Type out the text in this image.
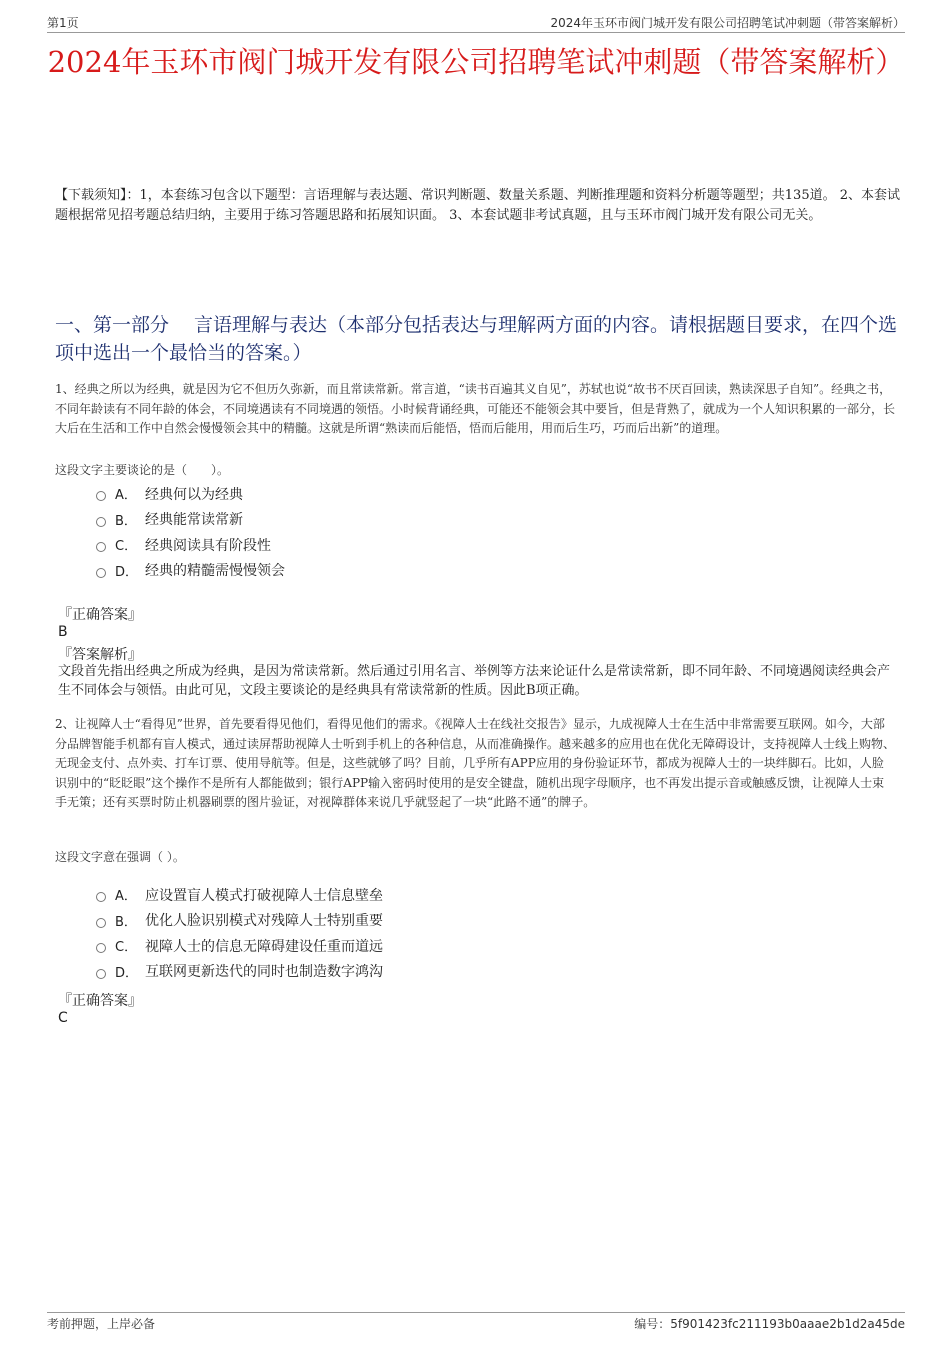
第1页	2024年玉环市阀门城开发有限公司招聘笔试冲刺题（带答案解析）
2024年玉环市阀门城开发有限公司招聘笔试冲刺题（带答案解析）
【下载须知】：1，本套练习包含以下题型：言语理解与表达题、常识判断题、数量关系题、判断推理题和资料分析题等题型；共135道。 2、本套试题根据常见招考题总结归纳，主要用于练习答题思路和拓展知识面。 3、本套试题非考试真题，且与玉环市阀门城开发有限公司无关。
一、第一部分　 言语理解与表达（本部分包括表达与理解两方面的内容。请根据题目要求，在四个选项中选出一个最恰当的答案。）
1、经典之所以为经典，就是因为它不但历久弥新，而且常读常新。常言道，“读书百遍其义自见”，苏轼也说“故书不厌百回读，熟读深思子自知”。经典之书，不同年龄读有不同年龄的体会，不同境遇读有不同境遇的领悟。小时候背诵经典，可能还不能领会其中要旨，但是背熟了，就成为一个人知识积累的一部分，长大后在生活和工作中自然会慢慢领会其中的精髓。这就是所谓“熟读而后能悟，悟而后能用，用而后生巧，巧而后出新”的道理。
这段文字主要谈论的是（　　）。
A． 经典何以为经典
B． 经典能常读常新
C． 经典阅读具有阶段性
D． 经典的精髓需慢慢领会
『正确答案』
B
『答案解析』
文段首先指出经典之所成为经典，是因为常读常新。然后通过引用名言、举例等方法来论证什么是常读常新，即不同年龄、不同境遇阅读经典会产生不同体会与领悟。由此可见，文段主要谈论的是经典具有常读常新的性质。因此B项正确。
2、让视障人士“看得见”世界，首先要看得见他们，看得见他们的需求。《视障人士在线社交报告》显示，九成视障人士在生活中非常需要互联网。如今，大部分品牌智能手机都有盲人模式，通过读屏帮助视障人士听到手机上的各种信息，从而准确操作。越来越多的应用也在优化无障碍设计，支持视障人士线上购物、无现金支付、点外卖、打车订票、使用导航等。但是，这些就够了吗？目前，几乎所有APP应用的身份验证环节，都成为视障人士的一块绊脚石。比如，人脸识别中的“眨眨眼”这个操作不是所有人都能做到；银行APP输入密码时使用的是安全键盘，随机出现字母顺序，也不再发出提示音或触感反馈，让视障人士束手无策；还有买票时防止机器刷票的图片验证，对视障群体来说几乎就竖起了一块“此路不通”的牌子。
这段文字意在强调（ ）。
A． 应设置盲人模式打破视障人士信息壁垒
B． 优化人脸识别模式对残障人士特别重要
C． 视障人士的信息无障碍建设任重而道远
D． 互联网更新迭代的同时也制造数字鸿沟
『正确答案』
C
考前押题，上岸必备	编号：5f901423fc211193b0aaae2b1d2a45de
